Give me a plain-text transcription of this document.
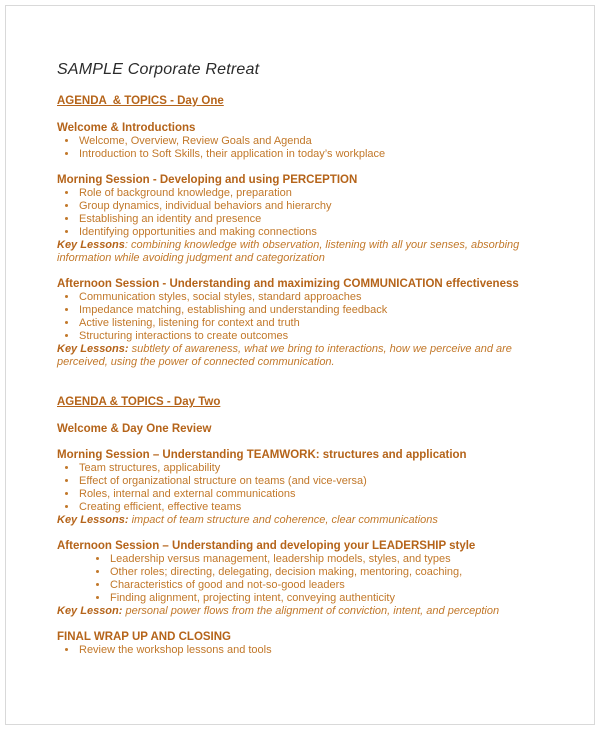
SAMPLE Corporate Retreat
AGENDA  & TOPICS - Day One
Welcome & Introductions
• Welcome, Overview, Review Goals and Agenda
• Introduction to Soft Skills, their application in today’s workplace
Morning Session - Developing and using PERCEPTION
• Role of background knowledge, preparation
• Group dynamics, individual behaviors and hierarchy
• Establishing an identity and presence
• Identifying opportunities and making connections

Key Lessons: combining knowledge with observation, listening with all your senses, absorbing information while avoiding judgment and categorization

Afternoon Session - Understanding and maximizing COMMUNICATION effectiveness
• Communication styles, social styles, standard approaches
• Impedance matching, establishing and understanding feedback
• Active listening, listening for context and truth
• Structuring interactions to create outcomes

Key Lessons: subtlety of awareness, what we bring to interactions, how we perceive and are perceived, using the power of connected communication.

AGENDA & TOPICS - Day Two
Welcome & Day One Review
Morning Session – Understanding TEAMWORK: structures and application
• Team structures, applicability
• Effect of organizational structure on teams (and vice-versa)
• Roles, internal and external communications
• Creating efficient, effective teams

Key Lessons: impact of team structure and coherence, clear communications

Afternoon Session – Understanding and developing your LEADERSHIP style
• Leadership versus management, leadership models, styles, and types
• Other roles; directing, delegating, decision making, mentoring, coaching,
• Characteristics of good and not-so-good leaders
• Finding alignment, projecting intent, conveying authenticity

Key Lesson: personal power flows from the alignment of conviction, intent, and perception

FINAL WRAP UP AND CLOSING
• Review the workshop lessons and tools
